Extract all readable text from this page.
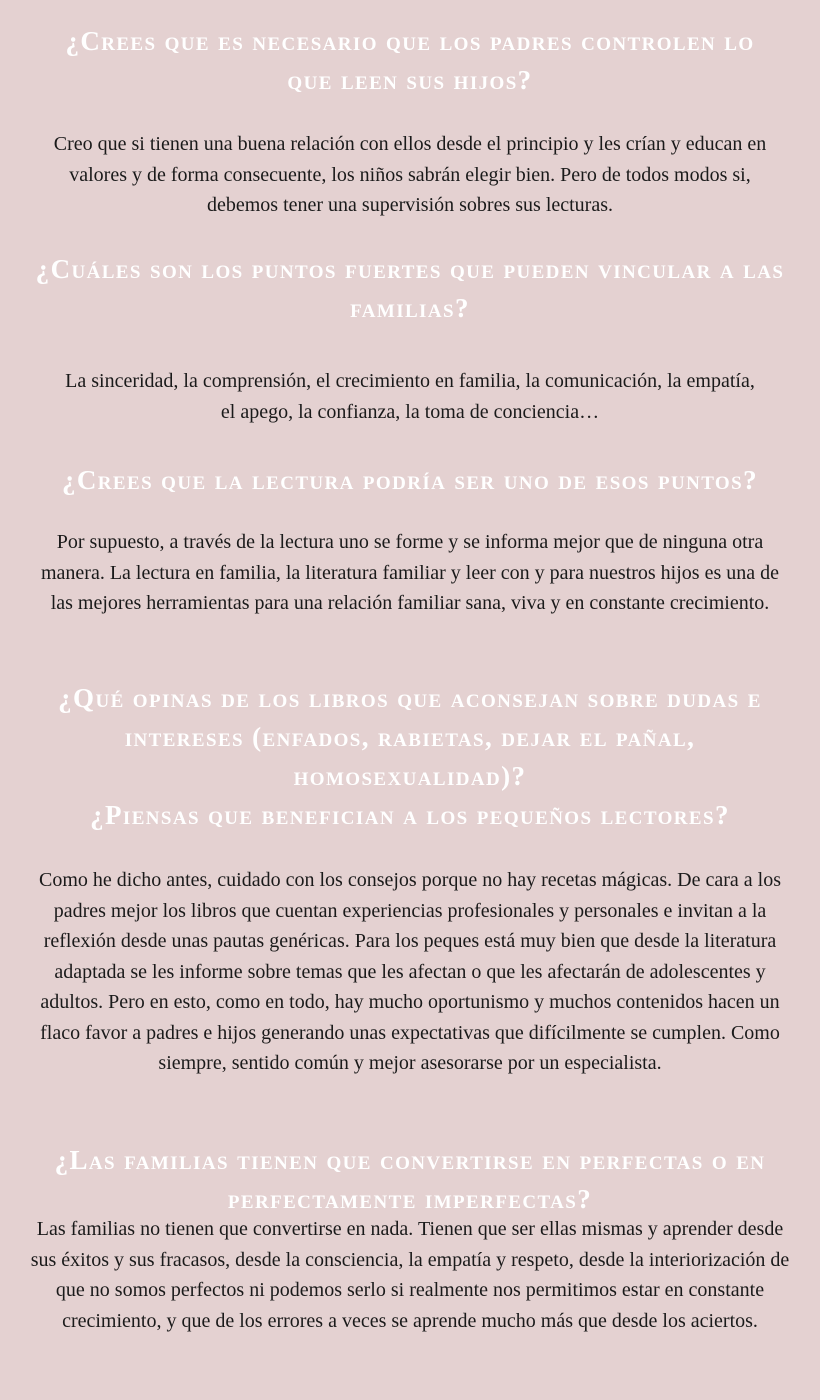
¿Crees que es necesario que los padres controlen lo que leen sus hijos?

Creo que si tienen una buena relación con ellos desde el principio y les crían y educan en valores y de forma consecuente, los niños sabrán elegir bien. Pero de todos modos si, debemos tener una supervisión sobres sus lecturas.

¿Cuáles son los puntos fuertes que pueden vincular a las familias?

La sinceridad, la comprensión, el crecimiento en familia, la comunicación, la empatía, el apego, la confianza, la toma de conciencia…

¿Crees que la lectura podría ser uno de esos puntos?

Por supuesto, a través de la lectura uno se forme y se informa mejor que de ninguna otra manera. La lectura en familia, la literatura familiar y leer con y para nuestros hijos es una de las mejores herramientas para una relación familiar sana, viva y en constante crecimiento.

¿Qué opinas de los libros que aconsejan sobre dudas e intereses (enfados, rabietas, dejar el pañal, homosexualidad)?
¿Piensas que benefician a los pequeños lectores?

Como he dicho antes, cuidado con los consejos porque no hay recetas mágicas. De cara a los padres mejor los libros que cuentan experiencias profesionales y personales e invitan a la reflexión desde unas pautas genéricas. Para los peques está muy bien que desde la literatura adaptada se les informe sobre temas que les afectan o que les afectarán de adolescentes y adultos. Pero en esto, como en todo, hay mucho oportunismo y muchos contenidos hacen un flaco favor a padres e hijos generando unas expectativas que difícilmente se cumplen. Como siempre, sentido común y mejor asesorarse por un especialista.

¿Las familias tienen que convertirse en perfectas o en perfectamente imperfectas?

Las familias no tienen que convertirse en nada. Tienen que ser ellas mismas y aprender desde sus éxitos y sus fracasos, desde la consciencia, la empatía y respeto, desde la interiorización de que no somos perfectos ni podemos serlo si realmente nos permitimos estar en constante crecimiento, y que de los errores a veces se aprende mucho más que desde los aciertos.
